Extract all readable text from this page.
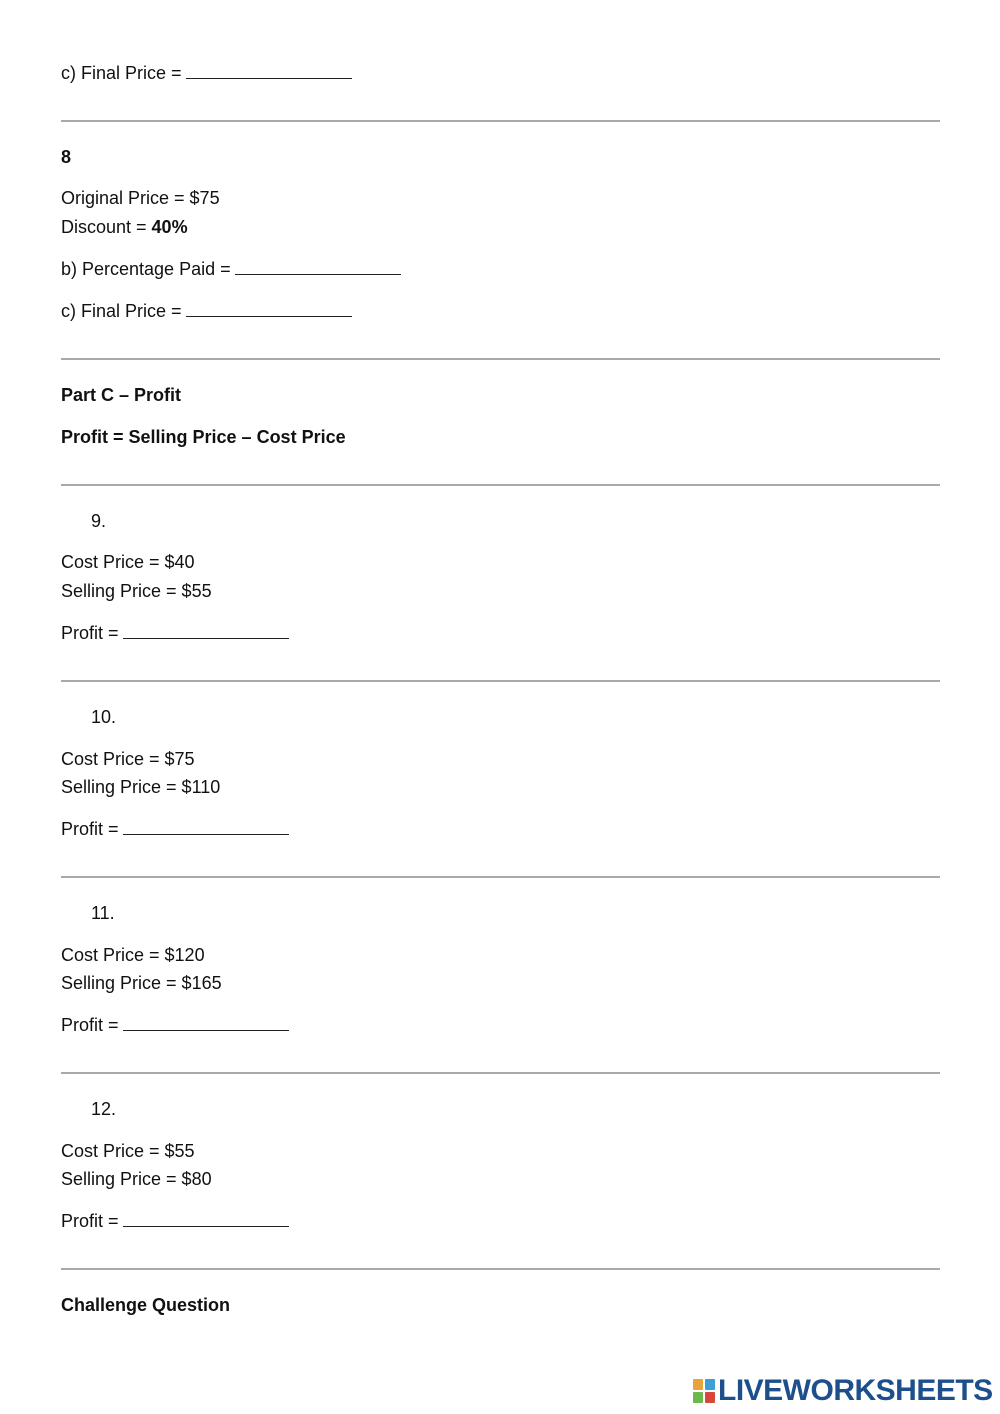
c) Final Price =
8
Original Price = $75
Discount = 40%
b) Percentage Paid =
c) Final Price =
Part C – Profit
Profit = Selling Price – Cost Price
9.
Cost Price = $40
Selling Price = $55
Profit =
10.
Cost Price = $75
Selling Price = $110
Profit =
11.
Cost Price = $120
Selling Price = $165
Profit =
12.
Cost Price = $55
Selling Price = $80
Profit =
Challenge Question
LIVEWORKSHEETS
